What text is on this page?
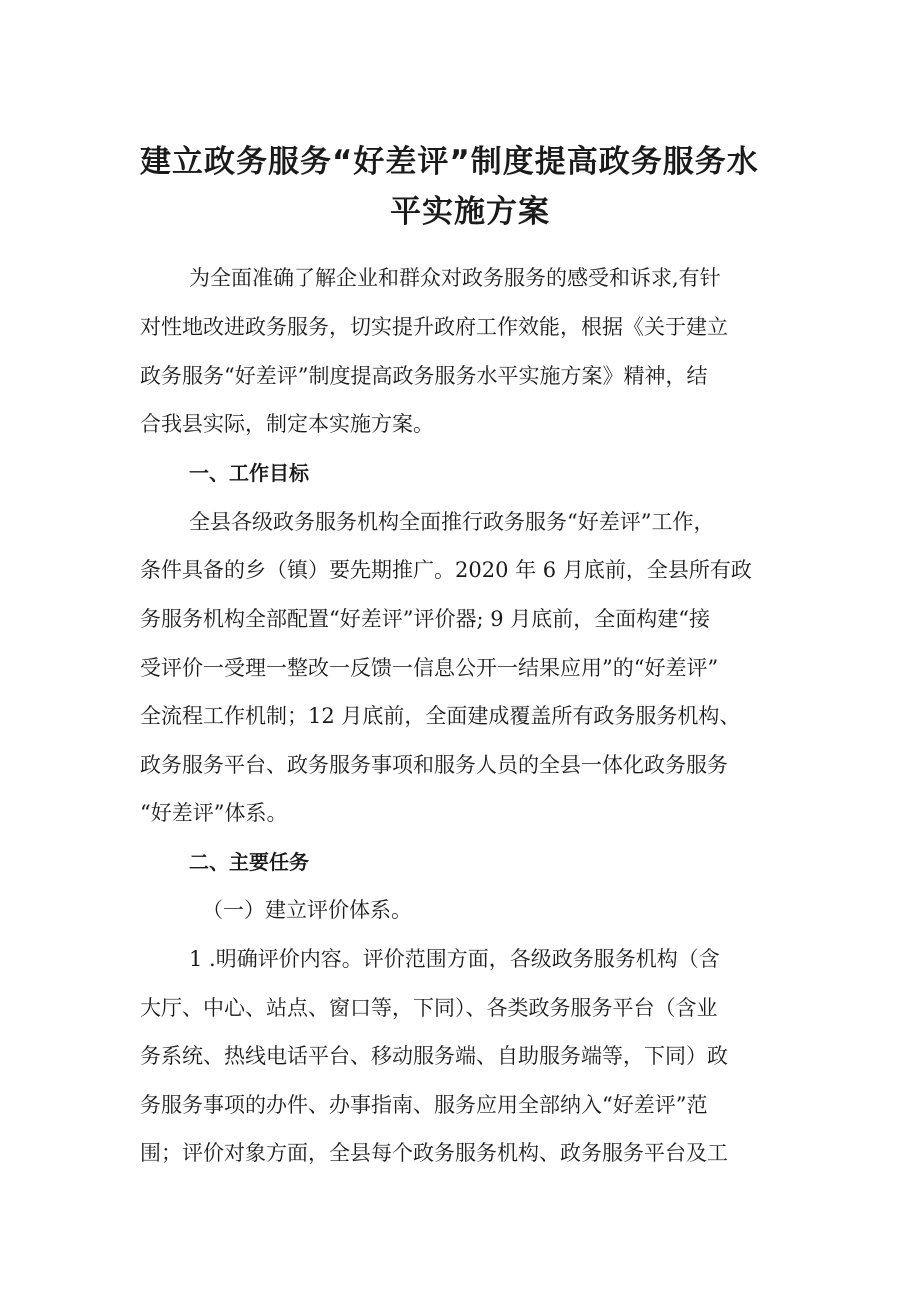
建立政务服务“好差评”制度提高政务服务水
平实施方案

为全面准确了解企业和群众对政务服务的感受和诉求,有针

对性地改进政务服务，切实提升政府工作效能，根据《关于建立

政务服务“好差评”制度提高政务服务水平实施方案》精神，结

合我县实际，制定本实施方案。

一、工作目标

全县各级政务服务机构全面推行政务服务“好差评”工作，

条件具备的乡（镇）要先期推广。2020 年 6 月底前，全县所有政

务服务机构全部配置“好差评”评价器; 9 月底前，全面构建“接

受评价一受理一整改一反馈一信息公开一结果应用”的“好差评”

全流程工作机制；12 月底前，全面建成覆盖所有政务服务机构、

政务服务平台、政务服务事项和服务人员的全县一体化政务服务

“好差评”体系。

二、主要任务

（一）建立评价体系。

1 .明确评价内容。评价范围方面，各级政务服务机构（含

大厅、中心、站点、窗口等，下同）、各类政务服务平台（含业

务系统、热线电话平台、移动服务端、自助服务端等，下同）政

务服务事项的办件、办事指南、服务应用全部纳入“好差评”范

围；评价对象方面，全县每个政务服务机构、政务服务平台及工
